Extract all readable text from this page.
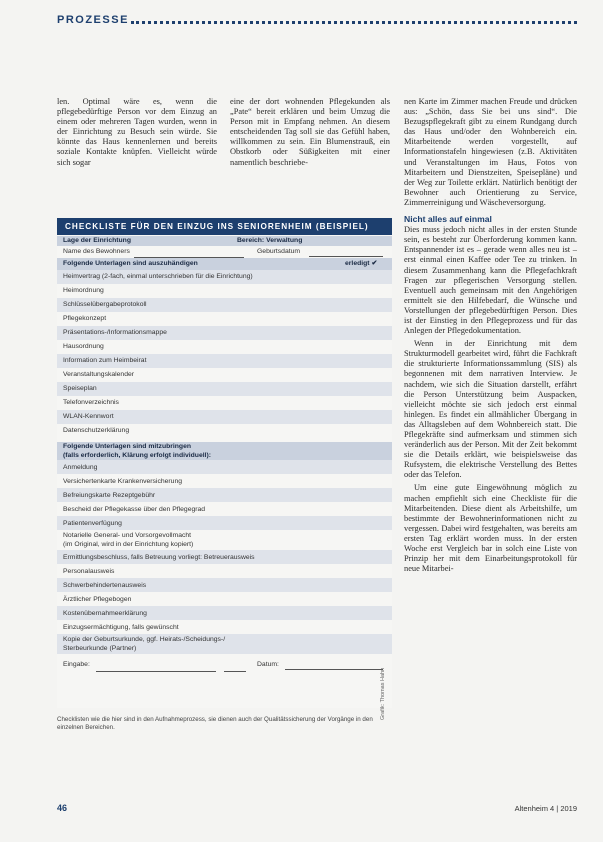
PROZESSE

len. Optimal wäre es, wenn die pflegebedürftige Person vor dem Einzug an einem oder mehreren Tagen wurden, wenn in der Einrichtung zu Besuch sein würde. Sie könnte das Haus kennenlernen und bereits soziale Kontakte knüpfen. Vielleicht würde sich sogar

eine der dort wohnenden Pflegekunden als „Pate“ bereit erklären und beim Umzug die Person mit in Empfang nehmen. An diesem entscheidenden Tag soll sie das Gefühl haben, willkommen zu sein. Ein Blumenstrauß, ein Obstkorb oder Süßigkeiten mit einer namentlich beschriebe-

nen Karte im Zimmer machen Freude und drücken aus: „Schön, dass Sie bei uns sind“. Die Bezugspflegekraft gibt zu einem Rundgang durch das Haus und/oder den Wohnbereich ein. Mitarbeitende werden vorgestellt, auf Informationstafeln hingewiesen (z.B. Aktivitäten und Veranstaltungen im Haus, Fotos von Mitarbeitern und Dienstzeiten, Speisepläne) und der Weg zur Toilette erklärt. Natürlich benötigt der Bewohner auch Orientierung zu Service, Zimmerreinigung und Wäscheversorgung.

Nicht alles auf einmal

Dies muss jedoch nicht alles in der ersten Stunde sein, es besteht zur Überforderung kommen kann. Entspannender ist es – gerade wenn alles neu ist – erst einmal einen Kaffee oder Tee zu trinken. In diesem Zusammenhang kann die Pflegefachkraft Fragen zur pflegerischen Versorgung stellen. Eventuell auch gemeinsam mit den Angehörigen ermittelt sie den Hilfebedarf, die Wünsche und Vorstellungen der pflegebedürftigen Person. Dies ist der Einstieg in den Pflegeprozess und für das Anlegen der Pflegedokumentation.

Wenn in der Einrichtung mit dem Strukturmodell gearbeitet wird, führt die Fachkraft die strukturierte Informationssammlung (SIS) als begonnenen mit dem narrativen Interview. Je nachdem, wie sich die Situation darstellt, erfährt die Person Unterstützung beim Auspacken, vielleicht möchte sie sich jedoch erst einmal hinlegen. Es findet ein allmählicher Übergang in das Alltagsleben auf dem Wohnbereich statt. Die Pflegekräfte sind aufmerksam und stimmen sich veränderlich aus der Person. Mit der Zeit bekommt sie die Details erklärt, wie beispielsweise das Rufsystem, die elektrische Verstellung des Bettes oder das Telefon.

Um eine gute Eingewöhnung möglich zu machen empfiehlt sich eine Checkliste für die Mitarbeitenden. Diese dient als Arbeitshilfe, um bestimmte der Bewohnerinformationen nicht zu vergessen. Dabei wird festgehalten, was bereits am ersten Tag erklärt worden muss. In der ersten Woche erst Vergleich bar in solch eine Liste von Prinzip her mit dem Einarbeitungsprotokoll für neue Mitarbei-

CHECKLISTE FÜR DEN EINZUG INS SENIORENHEIM (BEISPIEL)
Lage der Einrichtung	Bereich: Verwaltung
Name des Bewohners	Geburtsdatum
Folgende Unterlagen sind auszuhändigen	erledigt ✔
Heimvertrag (2-fach, einmal unterschrieben für die Einrichtung)
Heimordnung
Schlüsselübergabeprotokoll
Pflegekonzept
Präsentations-/Informationsmappe
Hausordnung
Information zum Heimbeirat
Veranstaltungskalender
Speiseplan
Telefonverzeichnis
WLAN-Kennwort
Datenschutzerklärung
Folgende Unterlagen sind mitzubringen
(falls erforderlich, Klärung erfolgt individuell):
Anmeldung
Versichertenkarte Krankenversicherung
Befreiungskarte Rezeptgebühr
Bescheid der Pflegekasse über den Pflegegrad
Patientenverfügung
Notarielle General- und Vorsorgevollmacht
(im Original, wird in der Einrichtung kopiert)
Ermittlungsbeschluss, falls Betreuung vorliegt: Betreuerausweis
Personalausweis
Schwerbehindertenausweis
Ärztlicher Pflegebogen
Kostenübernahmeerklärung
Einzugsermächtigung, falls gewünscht
Kopie der Geburtsurkunde, ggf. Heirats-/Scheidungs-/
Sterbeurkunde (Partner)
Eingabe:	Datum:
Checklisten wie die hier sind in den Aufnahmeprozess, sie dienen auch der Qualitätssicherung der Vorgänge in den einzelnen Bereichen.
Grafik: Thomas Hahn
46	Altenheim 4 | 2019
